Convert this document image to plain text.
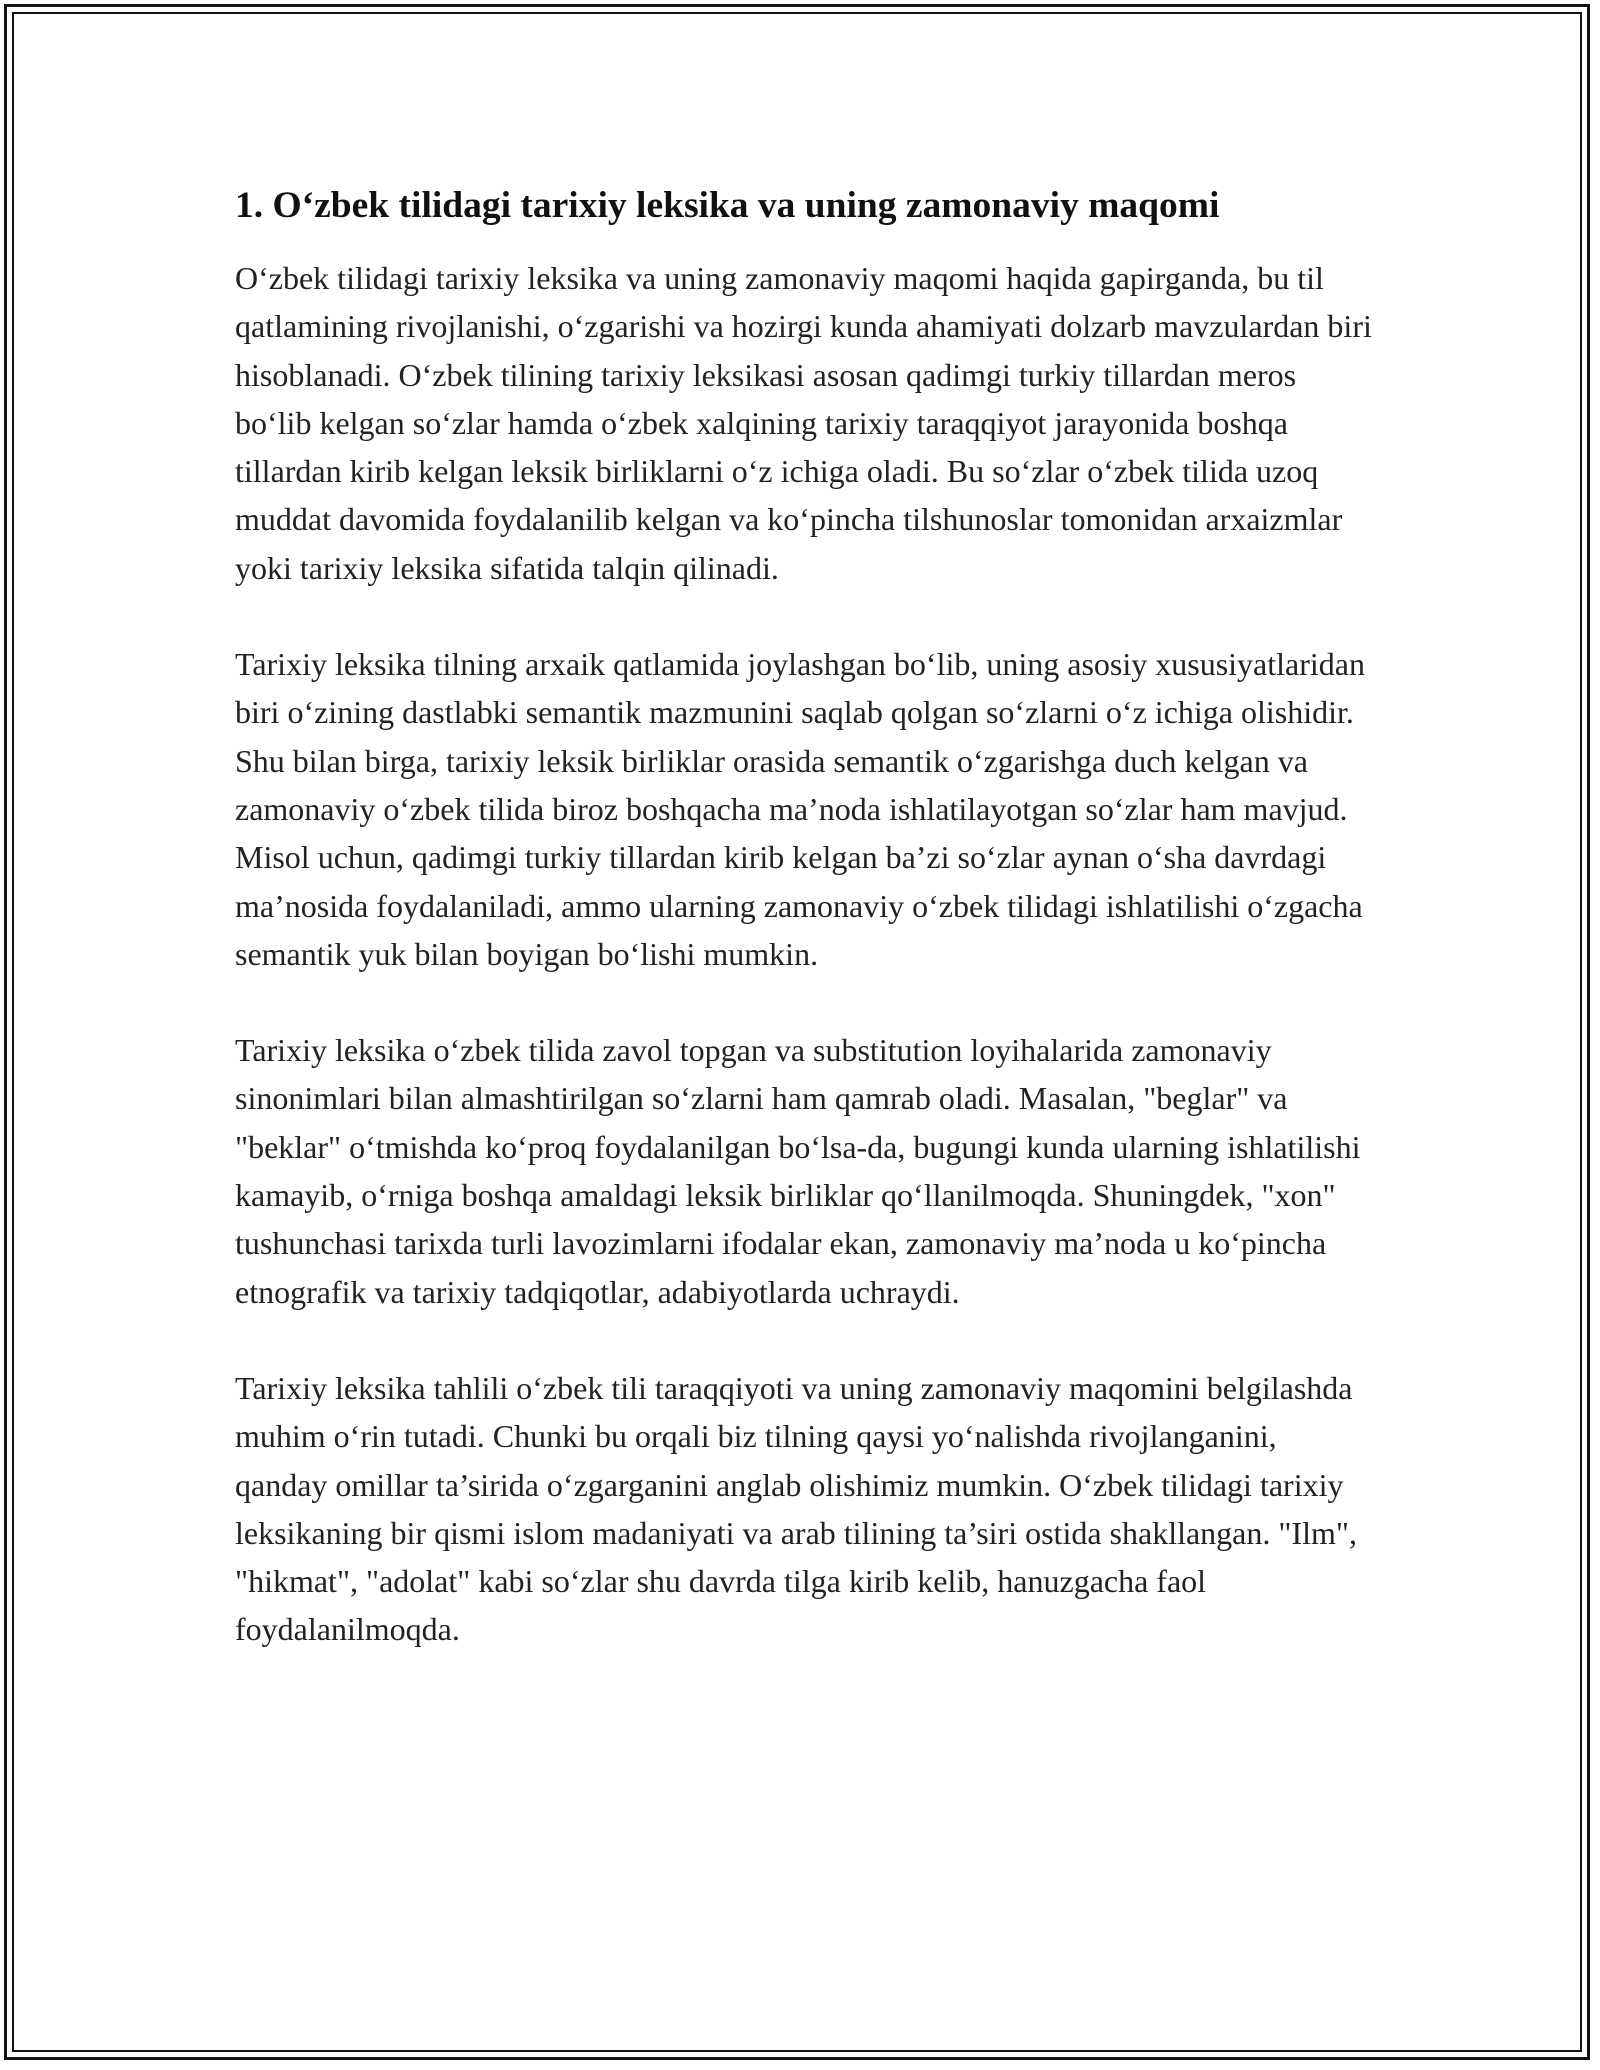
1. O‘zbek tilidagi tarixiy leksika va uning zamonaviy maqomi

O‘zbek tilidagi tarixiy leksika va uning zamonaviy maqomi haqida gapirganda, bu til qatlamining rivojlanishi, o‘zgarishi va hozirgi kunda ahamiyati dolzarb mavzulardan biri hisoblanadi. O‘zbek tilining tarixiy leksikasi asosan qadimgi turkiy tillardan meros bo‘lib kelgan so‘zlar hamda o‘zbek xalqining tarixiy taraqqiyot jarayonida boshqa tillardan kirib kelgan leksik birliklarni o‘z ichiga oladi. Bu so‘zlar o‘zbek tilida uzoq muddat davomida foydalanilib kelgan va ko‘pincha tilshunoslar tomonidan arxaizmlar yoki tarixiy leksika sifatida talqin qilinadi.

Tarixiy leksika tilning arxaik qatlamida joylashgan bo‘lib, uning asosiy xususiyatlaridan biri o‘zining dastlabki semantik mazmunini saqlab qolgan so‘zlarni o‘z ichiga olishidir. Shu bilan birga, tarixiy leksik birliklar orasida semantik o‘zgarishga duch kelgan va zamonaviy o‘zbek tilida biroz boshqacha ma’noda ishlatilayotgan so‘zlar ham mavjud. Misol uchun, qadimgi turkiy tillardan kirib kelgan ba’zi so‘zlar aynan o‘sha davrdagi ma’nosida foydalaniladi, ammo ularning zamonaviy o‘zbek tilidagi ishlatilishi o‘zgacha semantik yuk bilan boyigan bo‘lishi mumkin.

Tarixiy leksika o‘zbek tilida zavol topgan va substitution loyihalarida zamonaviy sinonimlari bilan almashtirilgan so‘zlarni ham qamrab oladi. Masalan, "beglar" va "beklar" o‘tmishda ko‘proq foydalanilgan bo‘lsa-da, bugungi kunda ularning ishlatilishi kamayib, o‘rniga boshqa amaldagi leksik birliklar qo‘llanilmoqda. Shuningdek, "xon" tushunchasi tarixda turli lavozimlarni ifodalar ekan, zamonaviy ma’noda u ko‘pincha etnografik va tarixiy tadqiqotlar, adabiyotlarda uchraydi.

Tarixiy leksika tahlili o‘zbek tili taraqqiyoti va uning zamonaviy maqomini belgilashda muhim o‘rin tutadi. Chunki bu orqali biz tilning qaysi yo‘nalishda rivojlanganini, qanday omillar ta’sirida o‘zgarganini anglab olishimiz mumkin. O‘zbek tilidagi tarixiy leksikaning bir qismi islom madaniyati va arab tilining ta’siri ostida shakllangan. "Ilm", "hikmat", "adolat" kabi so‘zlar shu davrda tilga kirib kelib, hanuzgacha faol foydalanilmoqda.
